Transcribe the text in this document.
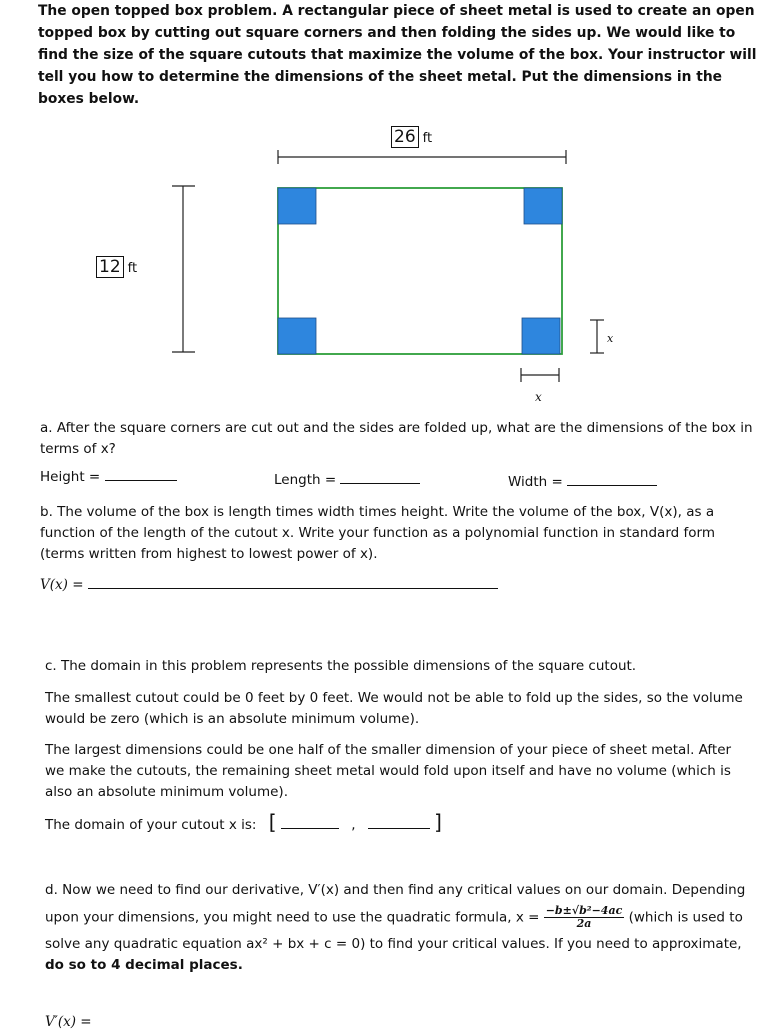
The open topped box problem. A rectangular piece of sheet metal is used to create an open topped box by cutting out square corners and then folding the sides up. We would like to find the size of the square cutouts that maximize the volume of the box. Your instructor will tell you how to determine the dimensions of the sheet metal. Put the dimensions in the boxes below.
26 ft
12 ft
x
x
a. After the square corners are cut out and the sides are folded up, what are the dimensions of the box in terms of x?
Height =	Length =	Width =
b. The volume of the box is length times width times height. Write the volume of the box, V(x), as a
function of the length of the cutout x. Write your function as a polynomial function in standard form
(terms written from highest to lowest power of x).
V(x) =
c. The domain in this problem represents the possible dimensions of the square cutout.
The smallest cutout could be 0 feet by 0 feet. We would not be able to fold up the sides, so the volume would be zero (which is an absolute minimum volume).
The largest dimensions could be one half of the smaller dimension of your piece of sheet metal. After we make the cutouts, the remaining sheet metal would fold upon itself and have no volume (which is also an absolute minimum volume).
The domain of your cutout x is: [	,	]
d. Now we need to find our derivative, V′(x) and then find any critical values on our domain. Depending
upon your dimensions, you might need to use the quadratic formula, $x = \frac{\text{−b±√b²−4ac}}{2a}$ (which is used to
solve any quadratic equation ax² + bx + c = 0) to find your critical values. If you need to approximate,
do so to 4 decimal places.
V′(x) =
